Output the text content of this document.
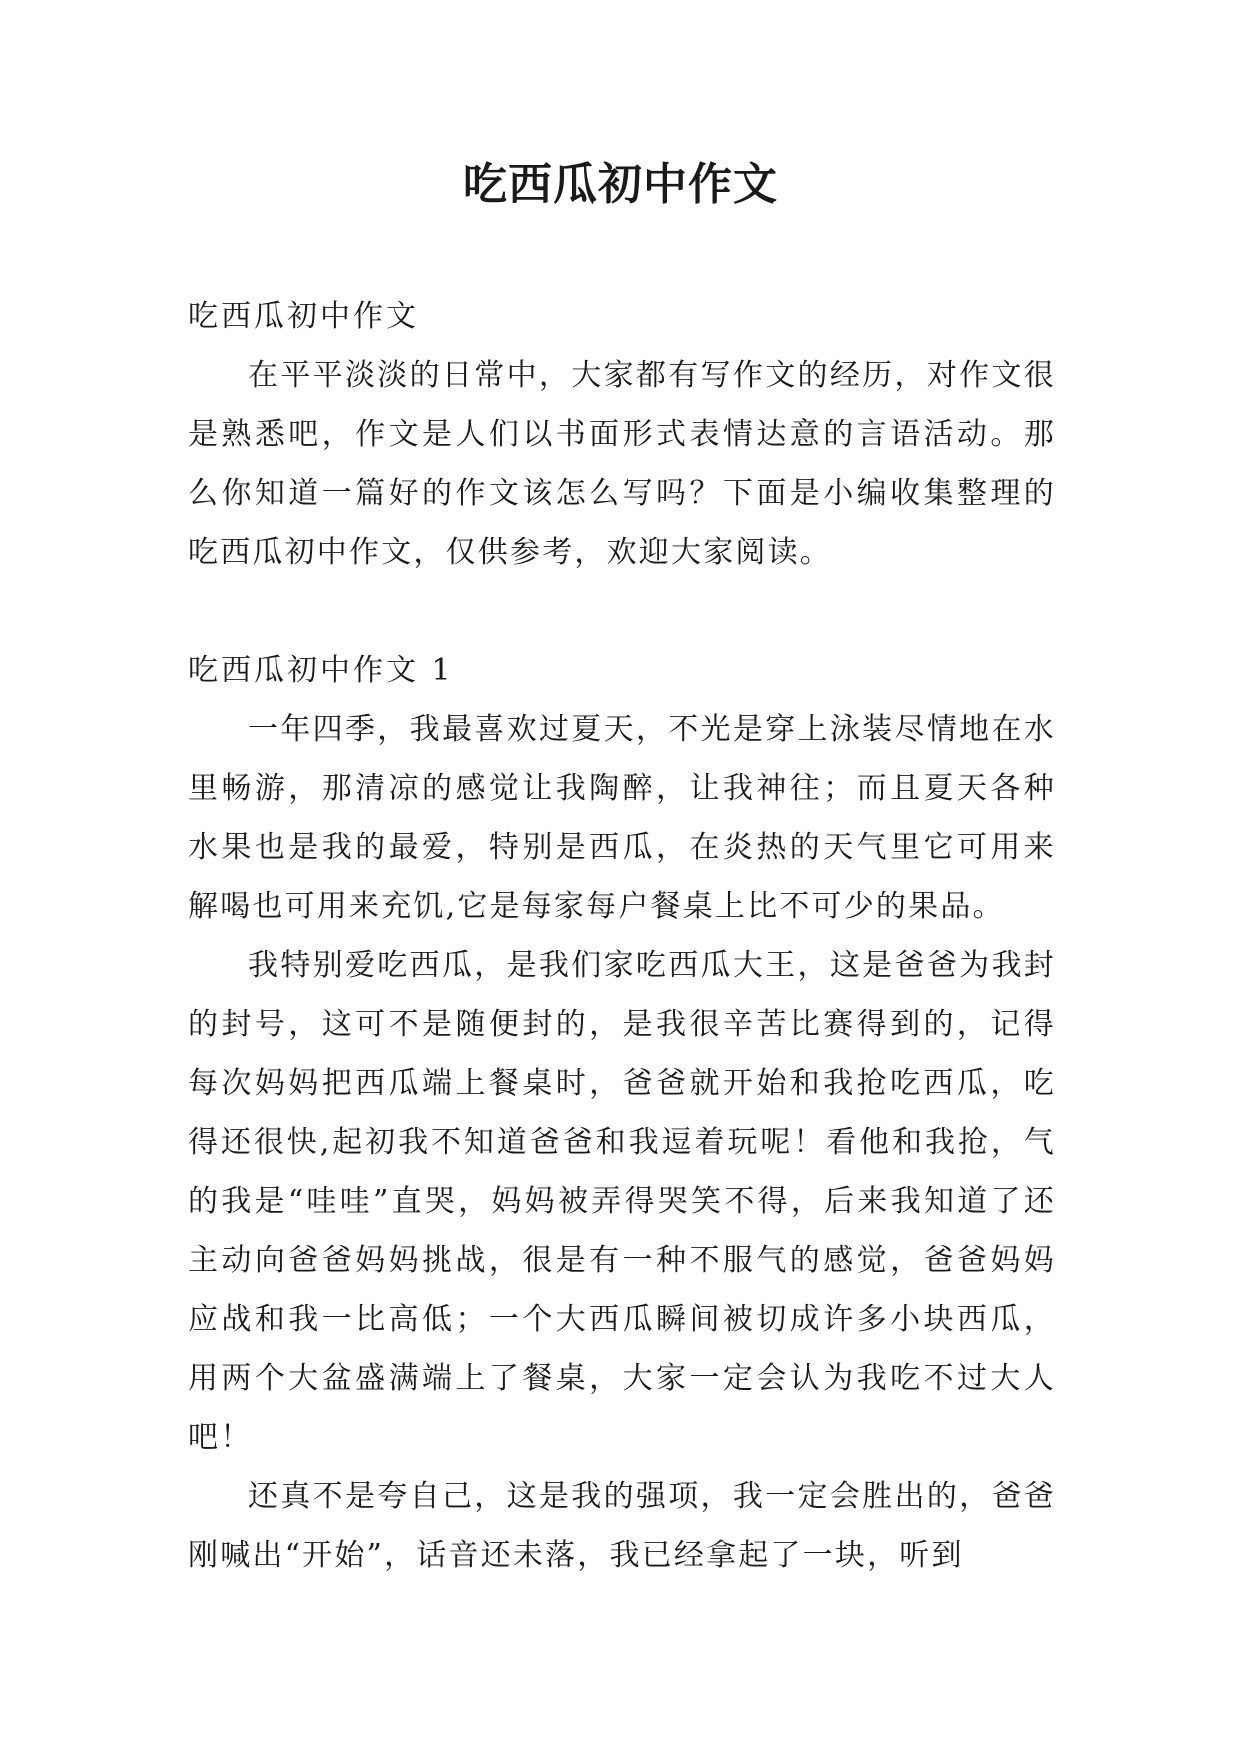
吃西瓜初中作文

吃西瓜初中作文

在平平淡淡的日常中，大家都有写作文的经历，对作文很是熟悉吧，作文是人们以书面形式表情达意的言语活动。那么你知道一篇好的作文该怎么写吗？下面是小编收集整理的吃西瓜初中作文，仅供参考，欢迎大家阅读。

吃西瓜初中作文 1

一年四季，我最喜欢过夏天，不光是穿上泳装尽情地在水里畅游，那清凉的感觉让我陶醉，让我神往；而且夏天各种水果也是我的最爱，特别是西瓜，在炎热的天气里它可用来解喝也可用来充饥,它是每家每户餐桌上比不可少的果品。

我特别爱吃西瓜，是我们家吃西瓜大王，这是爸爸为我封的封号，这可不是随便封的，是我很辛苦比赛得到的，记得每次妈妈把西瓜端上餐桌时，爸爸就开始和我抢吃西瓜，吃得还很快,起初我不知道爸爸和我逗着玩呢！看他和我抢，气的我是“哇哇”直哭，妈妈被弄得哭笑不得，后来我知道了还主动向爸爸妈妈挑战，很是有一种不服气的感觉，爸爸妈妈应战和我一比高低；一个大西瓜瞬间被切成许多小块西瓜，用两个大盆盛满端上了餐桌，大家一定会认为我吃不过大人吧！

还真不是夸自己，这是我的强项，我一定会胜出的，爸爸刚喊出“开始”，话音还未落，我已经拿起了一块，听到
